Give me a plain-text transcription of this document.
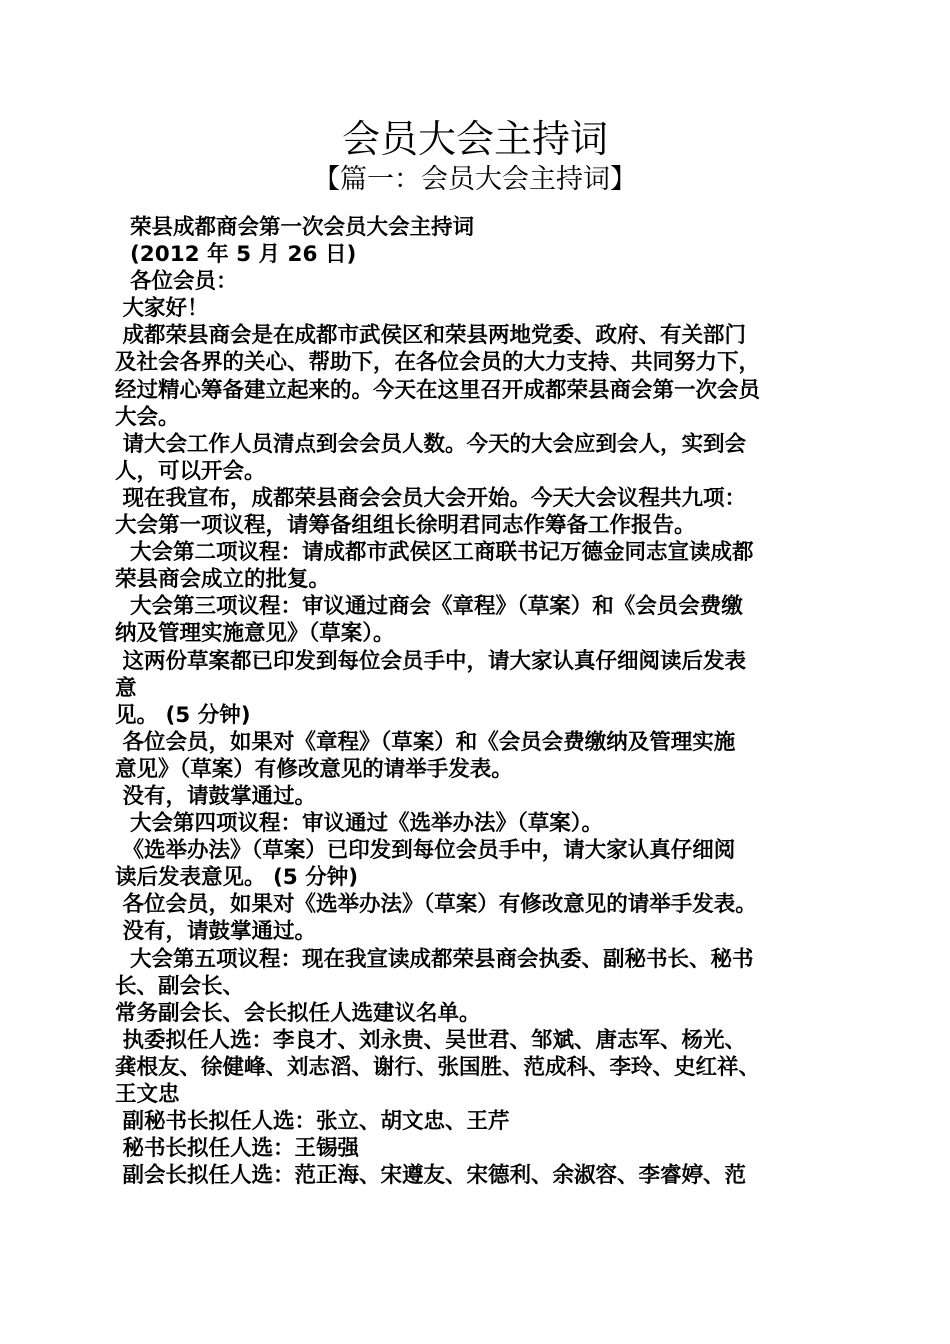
会员大会主持词
【篇一：会员大会主持词】

荣县成都商会第一次会员大会主持词

(2012 年 5 月 26 日)

各位会员：

大家好！

成都荣县商会是在成都市武侯区和荣县两地党委、政府、有关部门

及社会各界的关心、帮助下，在各位会员的大力支持、共同努力下，

经过精心筹备建立起来的。今天在这里召开成都荣县商会第一次会员

大会。

请大会工作人员清点到会会员人数。今天的大会应到会人，实到会

人，可以开会。

现在我宣布，成都荣县商会会员大会开始。今天大会议程共九项：

大会第一项议程，请筹备组组长徐明君同志作筹备工作报告。

大会第二项议程：请成都市武侯区工商联书记万德金同志宣读成都

荣县商会成立的批复。

大会第三项议程：审议通过商会《章程》（草案）和《会员会费缴

纳及管理实施意见》（草案）。

这两份草案都已印发到每位会员手中，请大家认真仔细阅读后发表

意

见。 (5 分钟)

各位会员，如果对《章程》（草案）和《会员会费缴纳及管理实施

意见》（草案）有修改意见的请举手发表。

没有，请鼓掌通过。

大会第四项议程：审议通过《选举办法》（草案）。

《选举办法》（草案）已印发到每位会员手中，请大家认真仔细阅

读后发表意见。 (5 分钟)

各位会员，如果对《选举办法》（草案）有修改意见的请举手发表。

没有，请鼓掌通过。

大会第五项议程：现在我宣读成都荣县商会执委、副秘书长、秘书

长、副会长、

常务副会长、会长拟任人选建议名单。

执委拟任人选：李良才、刘永贵、吴世君、邹斌、唐志军、杨光、

龚根友、徐健峰、刘志滔、谢行、张国胜、范成科、李玲、史红祥、

王文忠

副秘书长拟任人选：张立、胡文忠、王芹

秘书长拟任人选：王锡强

副会长拟任人选：范正海、宋遵友、宋德利、余淑容、李睿婷、范
